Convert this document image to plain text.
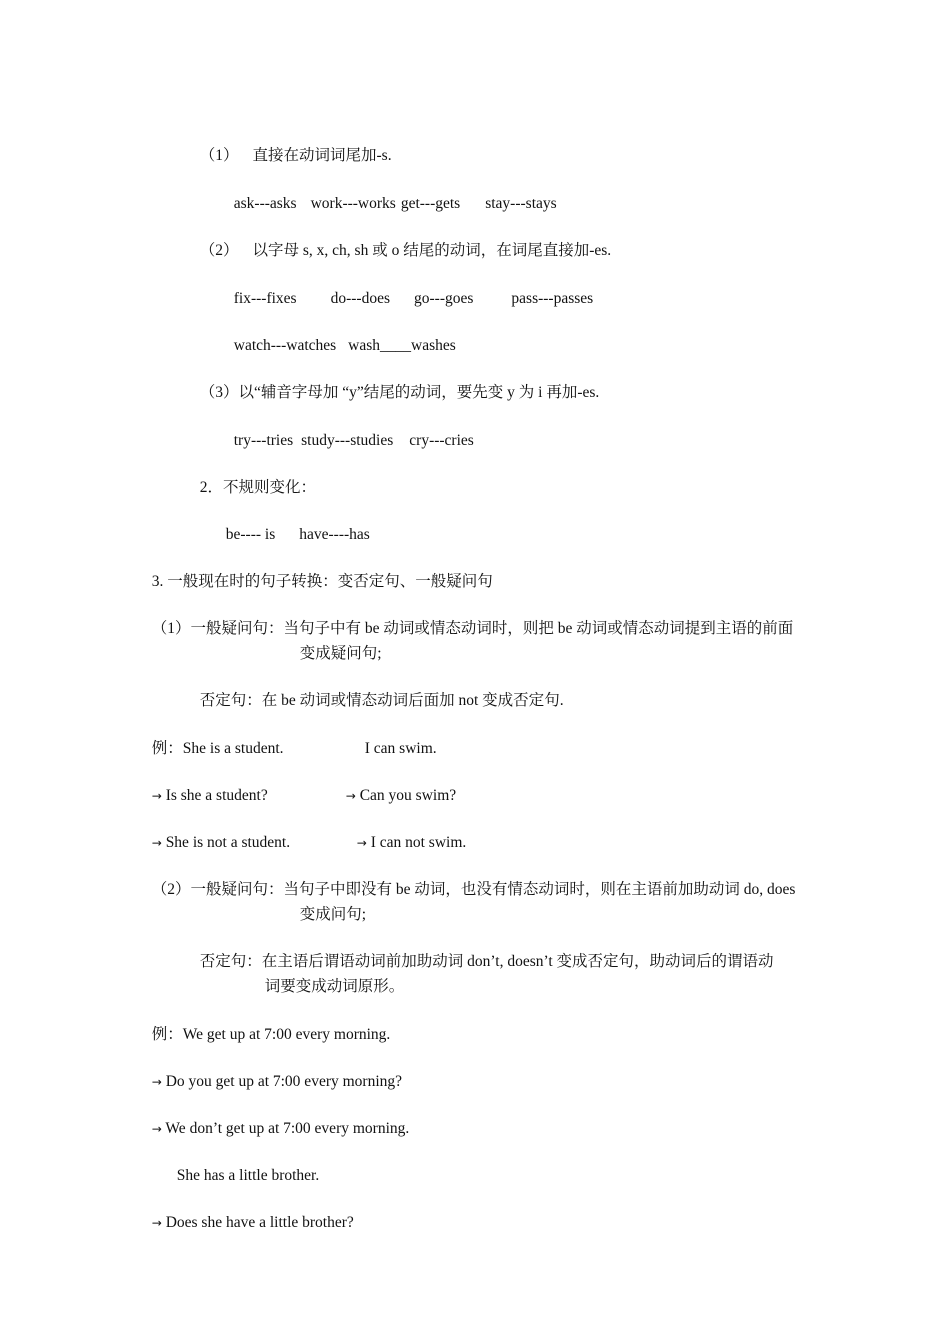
（1） 直接在动词词尾加-s.

ask---asks work---works get---gets stay---stays

（2） 以字母 s, x, ch, sh 或 o 结尾的动词，在词尾直接加-es.

fix---fixes do---does go---goes pass---passes

watch---watches wash____washes

（3）以“辅音字母加 “y”结尾的动词，要先变 y 为 i 再加-es.

try---tries study---studies cry---cries

2．不规则变化：

be---- is have----has

3. 一般现在时的句子转换：变否定句、一般疑问句

（1）一般疑问句：当句子中有 be 动词或情态动词时，则把 be 动词或情态动词提到主语的前面

变成疑问句;

否定句：在 be 动词或情态动词后面加 not 变成否定句.

例：She is a student.	I can swim.

→ Is she a student?	→ Can you swim?

→ She is not a student.	→ I can not swim.

（2）一般疑问句：当句子中即没有 be 动词，也没有情态动词时，则在主语前加助动词 do, does

变成问句;

否定句：在主语后谓语动词前加助动词 don’t, doesn’t 变成否定句，助动词后的谓语动

词要变成动词原形。

例：We get up at 7:00 every morning.

→ Do you get up at 7:00 every morning?

→ We don’t get up at 7:00 every morning.

She has a little brother.

→ Does she have a little brother?
